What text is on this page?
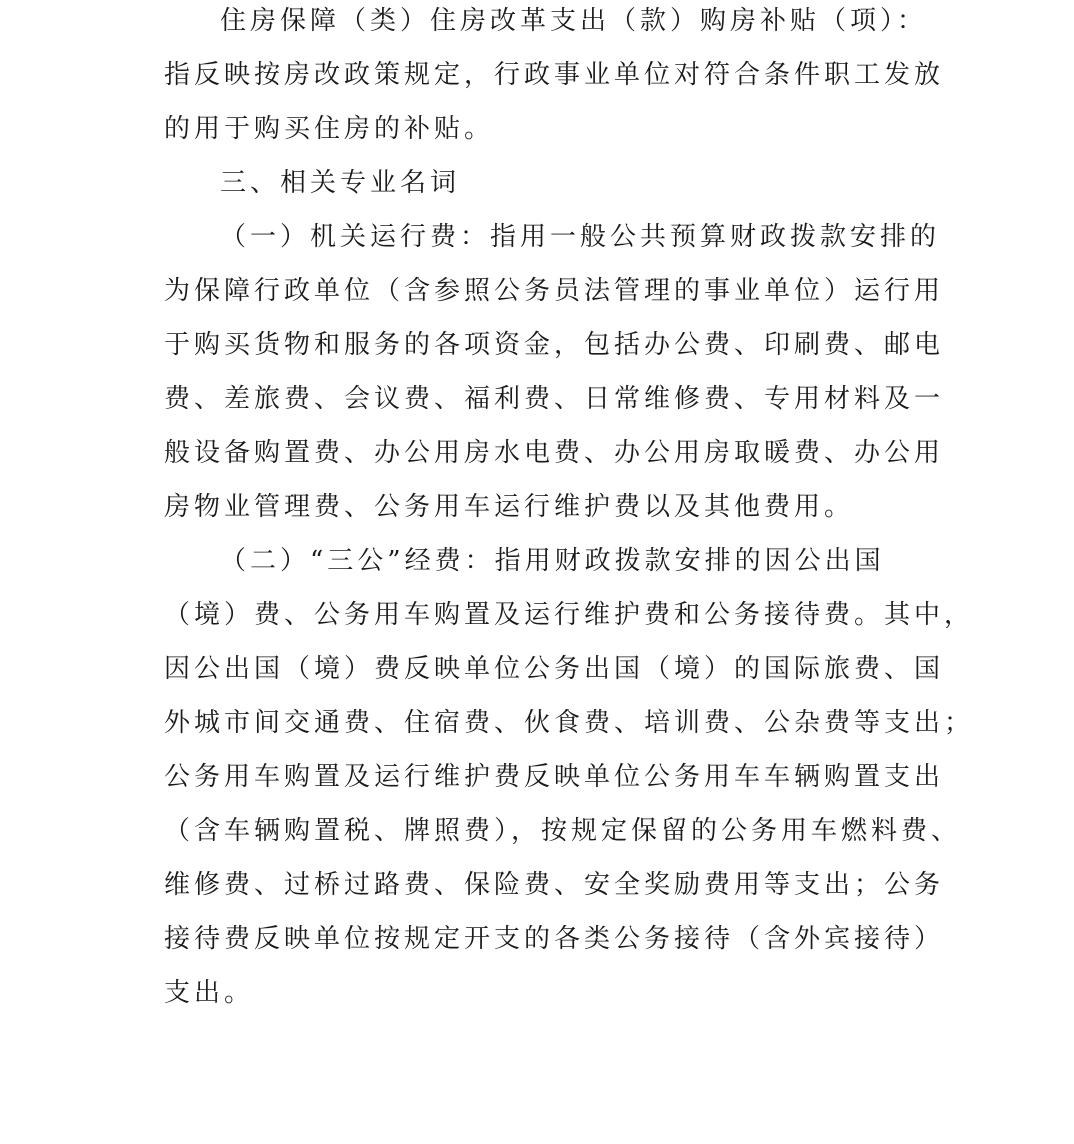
住房保障（类）住房改革支出（款）购房补贴（项）：
指反映按房改政策规定，行政事业单位对符合条件职工发放
的用于购买住房的补贴。
三、相关专业名词
（一）机关运行费：指用一般公共预算财政拨款安排的
为保障行政单位（含参照公务员法管理的事业单位）运行用
于购买货物和服务的各项资金，包括办公费、印刷费、邮电
费、差旅费、会议费、福利费、日常维修费、专用材料及一
般设备购置费、办公用房水电费、办公用房取暖费、办公用
房物业管理费、公务用车运行维护费以及其他费用。
（二）“三公”经费：指用财政拨款安排的因公出国
（境）费、公务用车购置及运行维护费和公务接待费。其中，
因公出国（境）费反映单位公务出国（境）的国际旅费、国
外城市间交通费、住宿费、伙食费、培训费、公杂费等支出；
公务用车购置及运行维护费反映单位公务用车车辆购置支出
（含车辆购置税、牌照费），按规定保留的公务用车燃料费、
维修费、过桥过路费、保险费、安全奖励费用等支出；公务
接待费反映单位按规定开支的各类公务接待（含外宾接待）
支出。
